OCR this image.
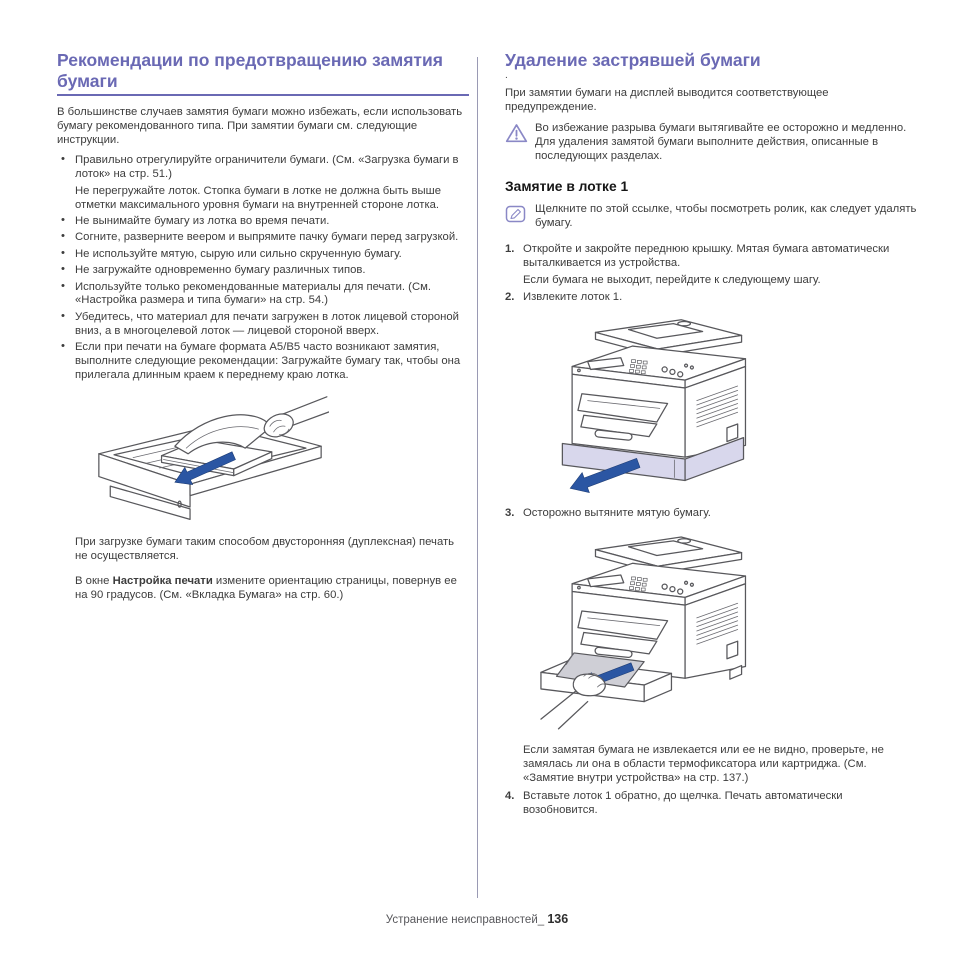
Рекомендации по предотвращению замятия бумаги

В большинстве случаев замятия бумаги можно избежать, если использовать бумагу рекомендованного типа. При замятии бумаги см. следующие инструкции.

• Правильно отрегулируйте ограничители бумаги. (См. «Загрузка бумаги в лоток» на стр. 51.)
Не перегружайте лоток. Стопка бумаги в лотке не должна быть выше отметки максимального уровня бумаги на внутренней стороне лотка.
• Не вынимайте бумагу из лотка во время печати.
• Согните, разверните веером и выпрямите пачку бумаги перед загрузкой.
• Не используйте мятую, сырую или сильно скрученную бумагу.
• Не загружайте одновременно бумагу различных типов.
• Используйте только рекомендованные материалы для печати. (См. «Настройка размера и типа бумаги» на стр. 54.)
• Убедитесь, что материал для печати загружен в лоток лицевой стороной вниз, а в многоцелевой лоток — лицевой стороной вверх.
• Если при печати на бумаге формата A5/B5 часто возникают замятия, выполните следующие рекомендации: Загружайте бумагу так, чтобы она прилегала длинным краем к переднему краю лотка.

При загрузке бумаги таким способом двусторонняя (дуплексная) печать не осуществляется.

В окне Настройка печати измените ориентацию страницы, повернув ее на 90 градусов. (См. «Вкладка Бумага» на стр. 60.)

Удаление застрявшей бумаги
.

При замятии бумаги на дисплей выводится соответствующее предупреждение.

Во избежание разрыва бумаги вытягивайте ее осторожно и медленно. Для удаления замятой бумаги выполните действия, описанные в последующих разделах.
Замятие в лотке 1
Щелкните по этой ссылке, чтобы посмотреть ролик, как следует удалять бумагу.
1. Откройте и закройте переднюю крышку. Мятая бумага автоматически выталкивается из устройства.
Если бумага не выходит, перейдите к следующему шагу.
2. Извлеките лоток 1.
3. Осторожно вытяните мятую бумагу.
Если замятая бумага не извлекается или ее не видно, проверьте, не замялась ли она в области термофиксатора или картриджа. (См. «Замятие внутри устройства» на стр. 137.)
4. Вставьте лоток 1 обратно, до щелчка. Печать автоматически возобновится.
Устранение неисправностей_ 136
